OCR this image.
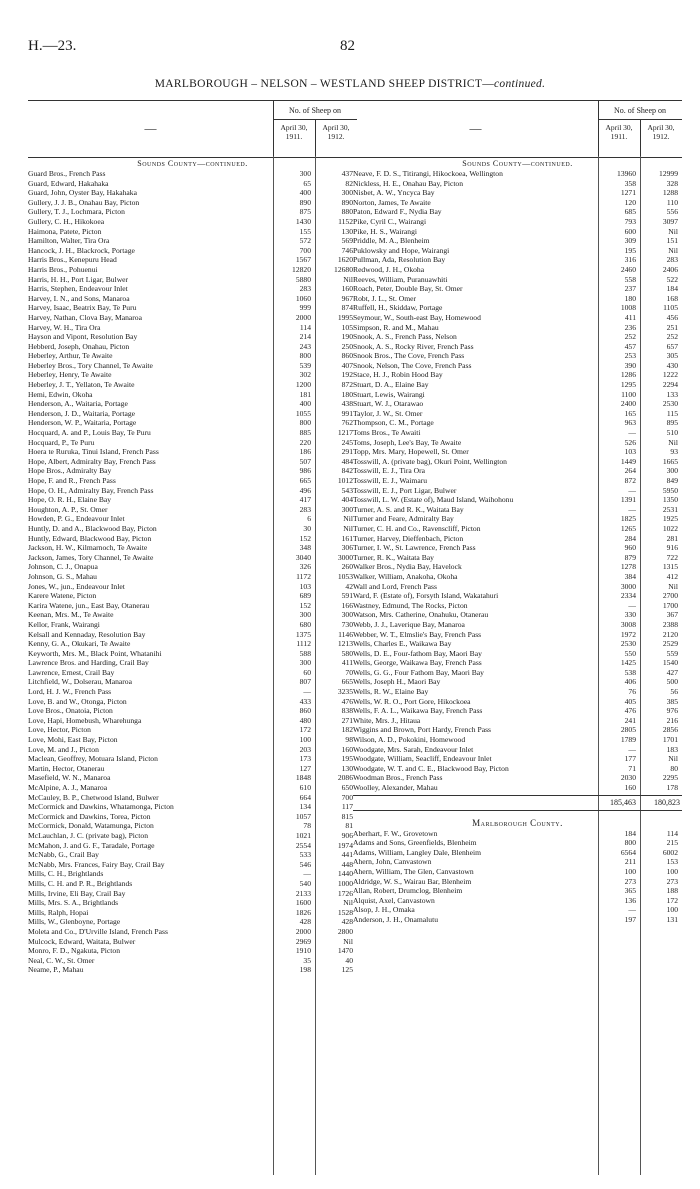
H.—23.	82
MARLBOROUGH – NELSON – WESTLAND SHEEP DISTRICT—continued.
—
No. of Sheep on
April 30, 1911.
April 30, 1912.
Sounds County—continued.
Guard Bros., French Pass	300	437
Guard, Edward, Hakahaka	65	82
Guard, John, Oyster Bay, Hakahaka	400	300
Gullery, J. J. B., Onahau Bay, Picton	890	890
Gullery, T. J., Lochmara, Picton	875	880
Gullery, C. H., Hikokoea	1430	1152
Haimona, Patete, Picton	155	130
Hamilton, Walter, Tira Ora	572	569
Hancock, J. H., Blackrock, Portage	700	746
Harris Bros., Kenepuru Head	1567	1620
Harris Bros., Pohuenui	12820	12680
Harris, H. H., Port Ligar, Bulwer	5880	Nil
Harris, Stephen, Endeavour Inlet	283	160
Harvey, I. N., and Sons, Manaroa	1060	967
Harvey, Isaac, Beatrix Bay, Te Puru	999	874
Harvey, Nathan, Clova Bay, Manaroa	2000	1995
Harvey, W. H., Tira Ora	114	105
Hayson and Vipont, Resolution Bay	214	190
Hebberd, Joseph, Onahau, Picton	243	250
Heberley, Arthur, Te Awaite	800	860
Heberley Bros., Tory Channel, Te Awaite	539	407
Heberley, Henry, Te Awaite	302	192
Heberley, J. T., Yellaton, Te Awaite	1200	872
Hemi, Edwin, Okoha	181	180
Henderson, A., Waitaria, Portage	400	438
Henderson, J. D., Waitaria, Portage	1055	991
Henderson, W. P., Waitaria, Portage	800	762
Hocquard, A. and P., Louis Bay, Te Puru	885	1217
Hocquard, P., Te Puru	220	245
Hoera te Ruruka, Tinui Island, French Pass	186	291
Hope, Albert, Admiralty Bay, French Pass	507	484
Hope Bros., Admiralty Bay	986	842
Hope, F. and R., French Pass	665	1012
Hope, O. H., Admiralty Bay, French Pass	496	543
Hope, O. R. H., Elaine Bay	417	404
Houghton, A. P., St. Omer	283	300
Howden, P. G., Endeavour Inlet	6	Nil
Huntly, D. and A., Blackwood Bay, Picton	30	Nil
Huntly, Edward, Blackwood Bay, Picton	152	161
Jackson, H. W., Kilmarnoch, Te Awaite	348	306
Jackson, James, Tory Channel, Te Awaite	3040	3000
Johnson, C. J., Onapua	326	260
Johnson, G. S., Mahau	1172	1053
Jones, W., jun., Endeavour Inlet	103	42
Karere Watene, Picton	689	591
Karira Watene, jun., East Bay, Otanerau	152	166
Keenan, Mrs. M., Te Awaite	300	300
Kellor, Frank, Wairangi	680	730
Kelsall and Kennaday, Resolution Bay	1375	1146
Kenny, G. A., Okukari, Te Awaite	1112	1213
Keyworth, Mrs. M., Black Point, Whatanihi	588	580
Lawrence Bros. and Harding, Crail Bay	300	411
Lawrence, Ernest, Crail Bay	60	70
Litchfield, W., Dolserau, Manaroa	807	665
Lord, H. J. W., French Pass	—	3235
Love, B. and W., Otonga, Picton	433	476
Love Bros., Onatoia, Picton	860	838
Love, Hapi, Homebush, Wharehunga	480	271
Love, Hector, Picton	172	182
Love, Mohi, East Bay, Picton	100	98
Love, M. and J., Picton	203	160
Maclean, Geoffrey, Motuara Island, Picton	173	195
Martin, Hector, Otanerau	127	130
Masefield, W. N., Manaroa	1848	2086
McAlpine, A. J., Manaroa	610	650
McCauley, B. P., Chetwood Island, Bulwer	664	700
McCormick and Dawkins, Whatamonga, Picton	134	117
McCormick and Dawkins, Torea, Picton	1057	815
McCormick, Donald, Watamunga, Picton	78	81
McLauchlan, J. C. (private bag), Picton	1021	906
McMahon, J. and G. F., Taradale, Portage	2554	1974
McNabb, G., Crail Bay	533	441
McNabb, Mrs. Frances, Fairy Bay, Crail Bay	546	448
Mills, C. H., Brightlands	—	1440
Mills, C. H. and P. R., Brightlands	540	1000
Mills, Irvine, Eli Bay, Crail Bay	2133	1726
Mills, Mrs. S. A., Brightlands	1600	Nil
Mills, Ralph, Hopai	1826	1528
Mills, W., Glenboyne, Portage	428	428
Moleta and Co., D'Urville Island, French Pass	2000	2800
Mulcock, Edward, Waitata, Bulwer	2969	Nil
Monro, F. D., Ngakuta, Picton	1910	1470
Neal, C. W., St. Omer	35	40
Neame, P., Mahau	198	125
—
No. of Sheep on
April 30, 1911.
April 30, 1912.
Sounds County—continued.
Neave, F. D. S., Titirangi, Hikockoea, Wellington	13960	12999
Nickless, H. E., Onahau Bay, Picton	358	328
Nisbet, A. W., Yncyca Bay	1271	1288
Norton, James, Te Awaite	120	110
Paton, Edward F., Nydia Bay	685	556
Pike, Cyril C., Wairangi	793	3097
Pike, H. S., Wairangi	600	Nil
Priddle, M. A., Blenheim	309	151
Puklowsky and Hope, Wairangi	195	Nil
Pullman, Ada, Resolution Bay	316	283
Redwood, J. H., Okoha	2460	2406
Reeves, William, Puranuawhiti	558	522
Roach, Peter, Double Bay, St. Omer	237	184
Robt, J. L., St. Omer	180	168
Ruffell, H., Skiddaw, Portage	1008	1105
Seymour, W., South-east Bay, Homewood	411	456
Simpson, R. and M., Mahau	236	251
Snook, A. S., French Pass, Nelson	252	252
Snook, A. S., Rocky River, French Pass	457	657
Snook Bros., The Cove, French Pass	253	305
Snook, Nelson, The Cove, French Pass	390	430
Stace, H. J., Robin Hood Bay	1286	1222
Stuart, D. A., Elaine Bay	1295	2294
Stuart, Lewis, Wairangi	1100	133
Stuart, W. J., Otarawao	2400	2530
Taylor, J. W., St. Omer	165	115
Thompson, C. M., Portage	963	895
Toms Bros., Te Awaiti	—	510
Toms, Joseph, Lee's Bay, Te Awaite	526	Nil
Topp, Mrs. Mary, Hopewell, St. Omer	103	93
Tosswill, A. (private bag), Okuri Point, Wellington	1449	1665
Tosswill, E. J., Tira Ora	264	300
Tosswill, E. J., Waimaru	872	849
Tosswill, E. J., Port Ligar, Bulwer	—	5950
Tosswill, L. W. (Estate of), Maud Island, Waihohonu	1391	1350
Turner, A. S. and R. K., Waitata Bay	—	2531
Turner and Feare, Admiralty Bay	1825	1925
Turner, C. H. and Co., Ravenscliff, Picton	1265	1022
Turner, Harvey, Dieffenbach, Picton	284	281
Turner, I. W., St. Lawrence, French Pass	960	916
Turner, R. K., Waitata Bay	879	722
Walker Bros., Nydia Bay, Havelock	1278	1315
Walker, William, Anakoha, Okoha	384	412
Wall and Lord, French Pass	3000	Nil
Ward, F. (Estate of), Forsyth Island, Wakatahuri	2334	2700
Wastney, Edmund, The Rocks, Picton	—	1700
Watson, Mrs. Catherine, Onahuku, Otanerau	330	367
Webb, J. J., Laverique Bay, Manaroa	3008	2388
Webber, W. T., Elmslie's Bay, French Pass	1972	2120
Wells, Charles E., Waikawa Bay	2530	2529
Wells, D. E., Four-fathom Bay, Maori Bay	550	559
Wells, George, Waikawa Bay, French Pass	1425	1540
Wells, G. G., Four Fathom Bay, Maori Bay	538	427
Wells, Joseph H., Maori Bay	406	500
Wells, R. W., Elaine Bay	76	56
Wells, W. R. O., Port Gore, Hikockoea	405	385
Wells, F. A. L., Waikawa Bay, French Pass	476	976
White, Mrs. J., Hitaua	241	216
Wiggins and Brown, Port Hardy, French Pass	2805	2856
Wilson, A. D., Pokokini, Homewood	1789	1701
Woodgate, Mrs. Sarah, Endeavour Inlet	—	183
Woodgate, William, Seacliff, Endeavour Inlet	177	Nil
Woodgate, W. T. and C. E., Blackwood Bay, Picton	71	80
Woodman Bros., French Pass	2030	2295
Woolley, Alexander, Mahau	160	178
185,463	180,823
Marlborough County.
Aberhart, F. W., Grovetown	184	114
Adams and Sons, Greenfields, Blenheim	800	215
Adams, William, Langley Dale, Blenheim	6564	6002
Ahern, John, Canvastown	211	153
Ahern, William, The Glen, Canvastown	100	100
Aldridge, W. S., Wairau Bar, Blenheim	273	273
Allan, Robert, Drumclog, Blenheim	365	188
Alquist, Axel, Canvastown	136	172
Alsop, J. H., Omaka	—	100
Anderson, J. H., Onamalutu	197	131
